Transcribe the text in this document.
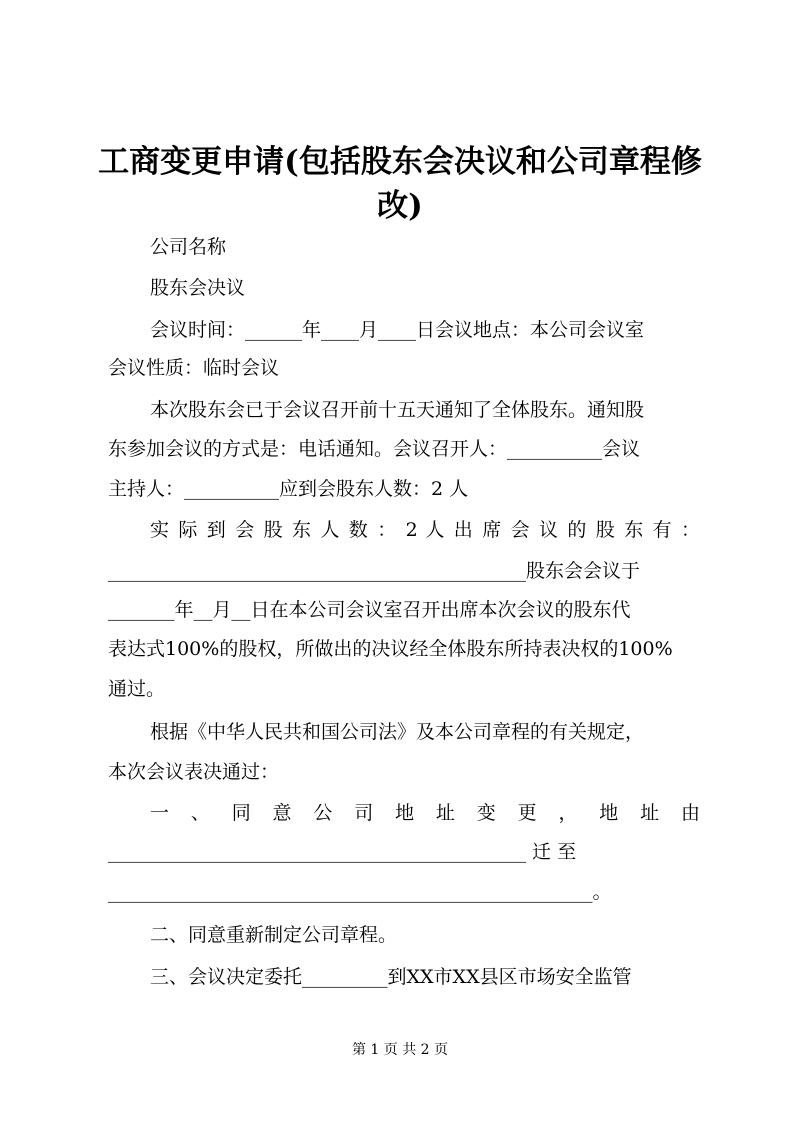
工商变更申请(包括股东会决议和公司章程修
改)

公司名称

股东会决议

会议时间：______年____月____日会议地点：本公司会议室

会议性质：临时会议

本次股东会已于会议召开前十五天通知了全体股东。通知股

东参加会议的方式是：电话通知。会议召开人：__________会议

主持人：__________应到会股东人数：2 人

实 际 到 会 股 东 人 数 ： 2 人 出 席 会 议 的 股 东 有 ：

____________________________________________股东会会议于

_______年__月__日在本公司会议室召开出席本次会议的股东代

表达式100%的股权，所做出的决议经全体股东所持表决权的100%

通过。

根据《中华人民共和国公司法》及本公司章程的有关规定，

本次会议表决通过：

一 、 同 意 公 司 地 址 变 更 ， 地 址 由

____________________________________________ 迁 至

___________________________________________________。

二、同意重新制定公司章程。

三、会议决定委托_________到XX市XX县区市场安全监管

第 1 页 共 2 页
